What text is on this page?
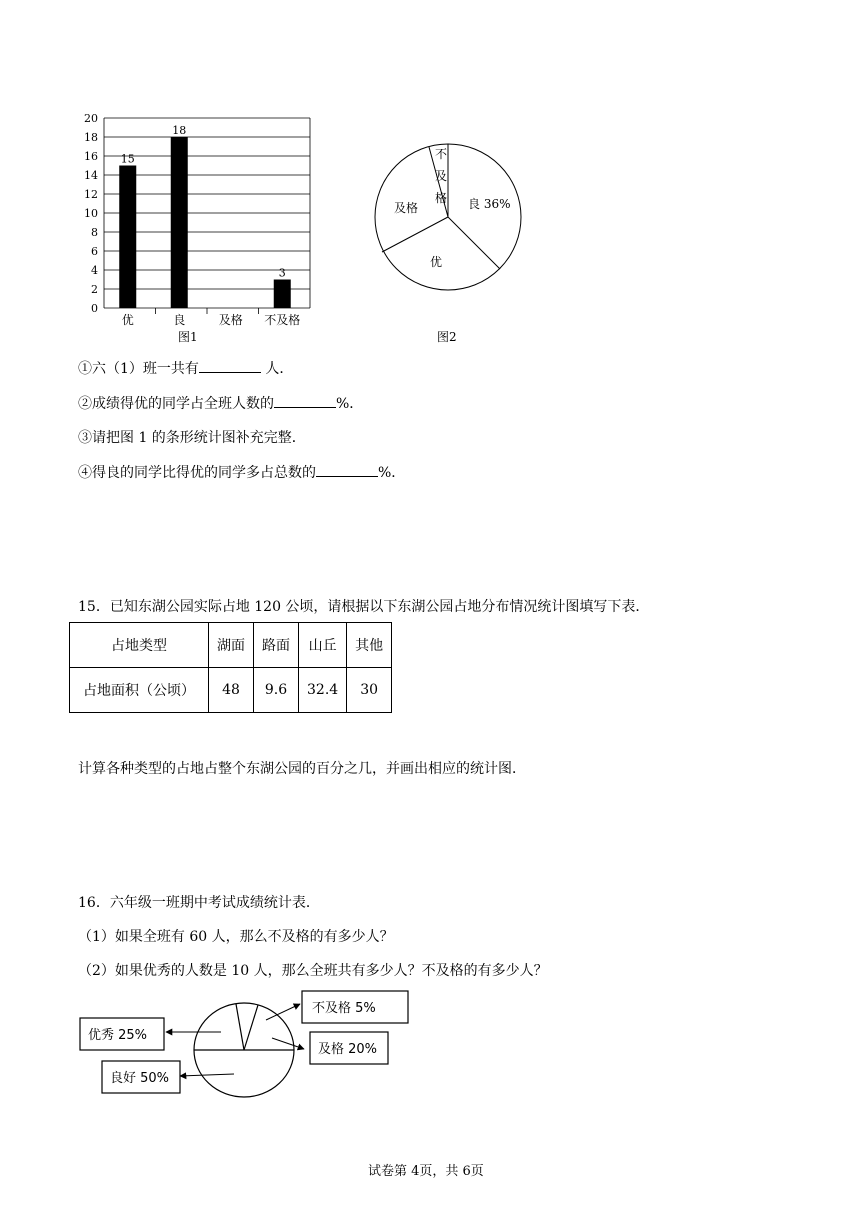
0
2
4
6
8
10
12
14
16
18
20
15
18
3
优	良	及格 不及格
图1
良 36%
优
及格
不
及
格
图2
①六（1）班一共有	人．
②成绩得优的同学占全班人数的	%．
③请把图 1 的条形统计图补充完整．
④得良的同学比得优的同学多占总数的	%．
15．已知东湖公园实际占地 120 公顷，请根据以下东湖公园占地分布情况统计图填写下表．
占地类型	湖面	路面	山丘	其他
占地面积（公顷）	48	9.6	32.4	30
计算各种类型的占地占整个东湖公园的百分之几，并画出相应的统计图．
16．六年级一班期中考试成绩统计表．
（1）如果全班有 60 人，那么不及格的有多少人？
（2）如果优秀的人数是 10 人，那么全班共有多少人？不及格的有多少人？
不及格 5%
及格 20%
优秀 25%
良好 50%
试卷第 4页，共 6页
